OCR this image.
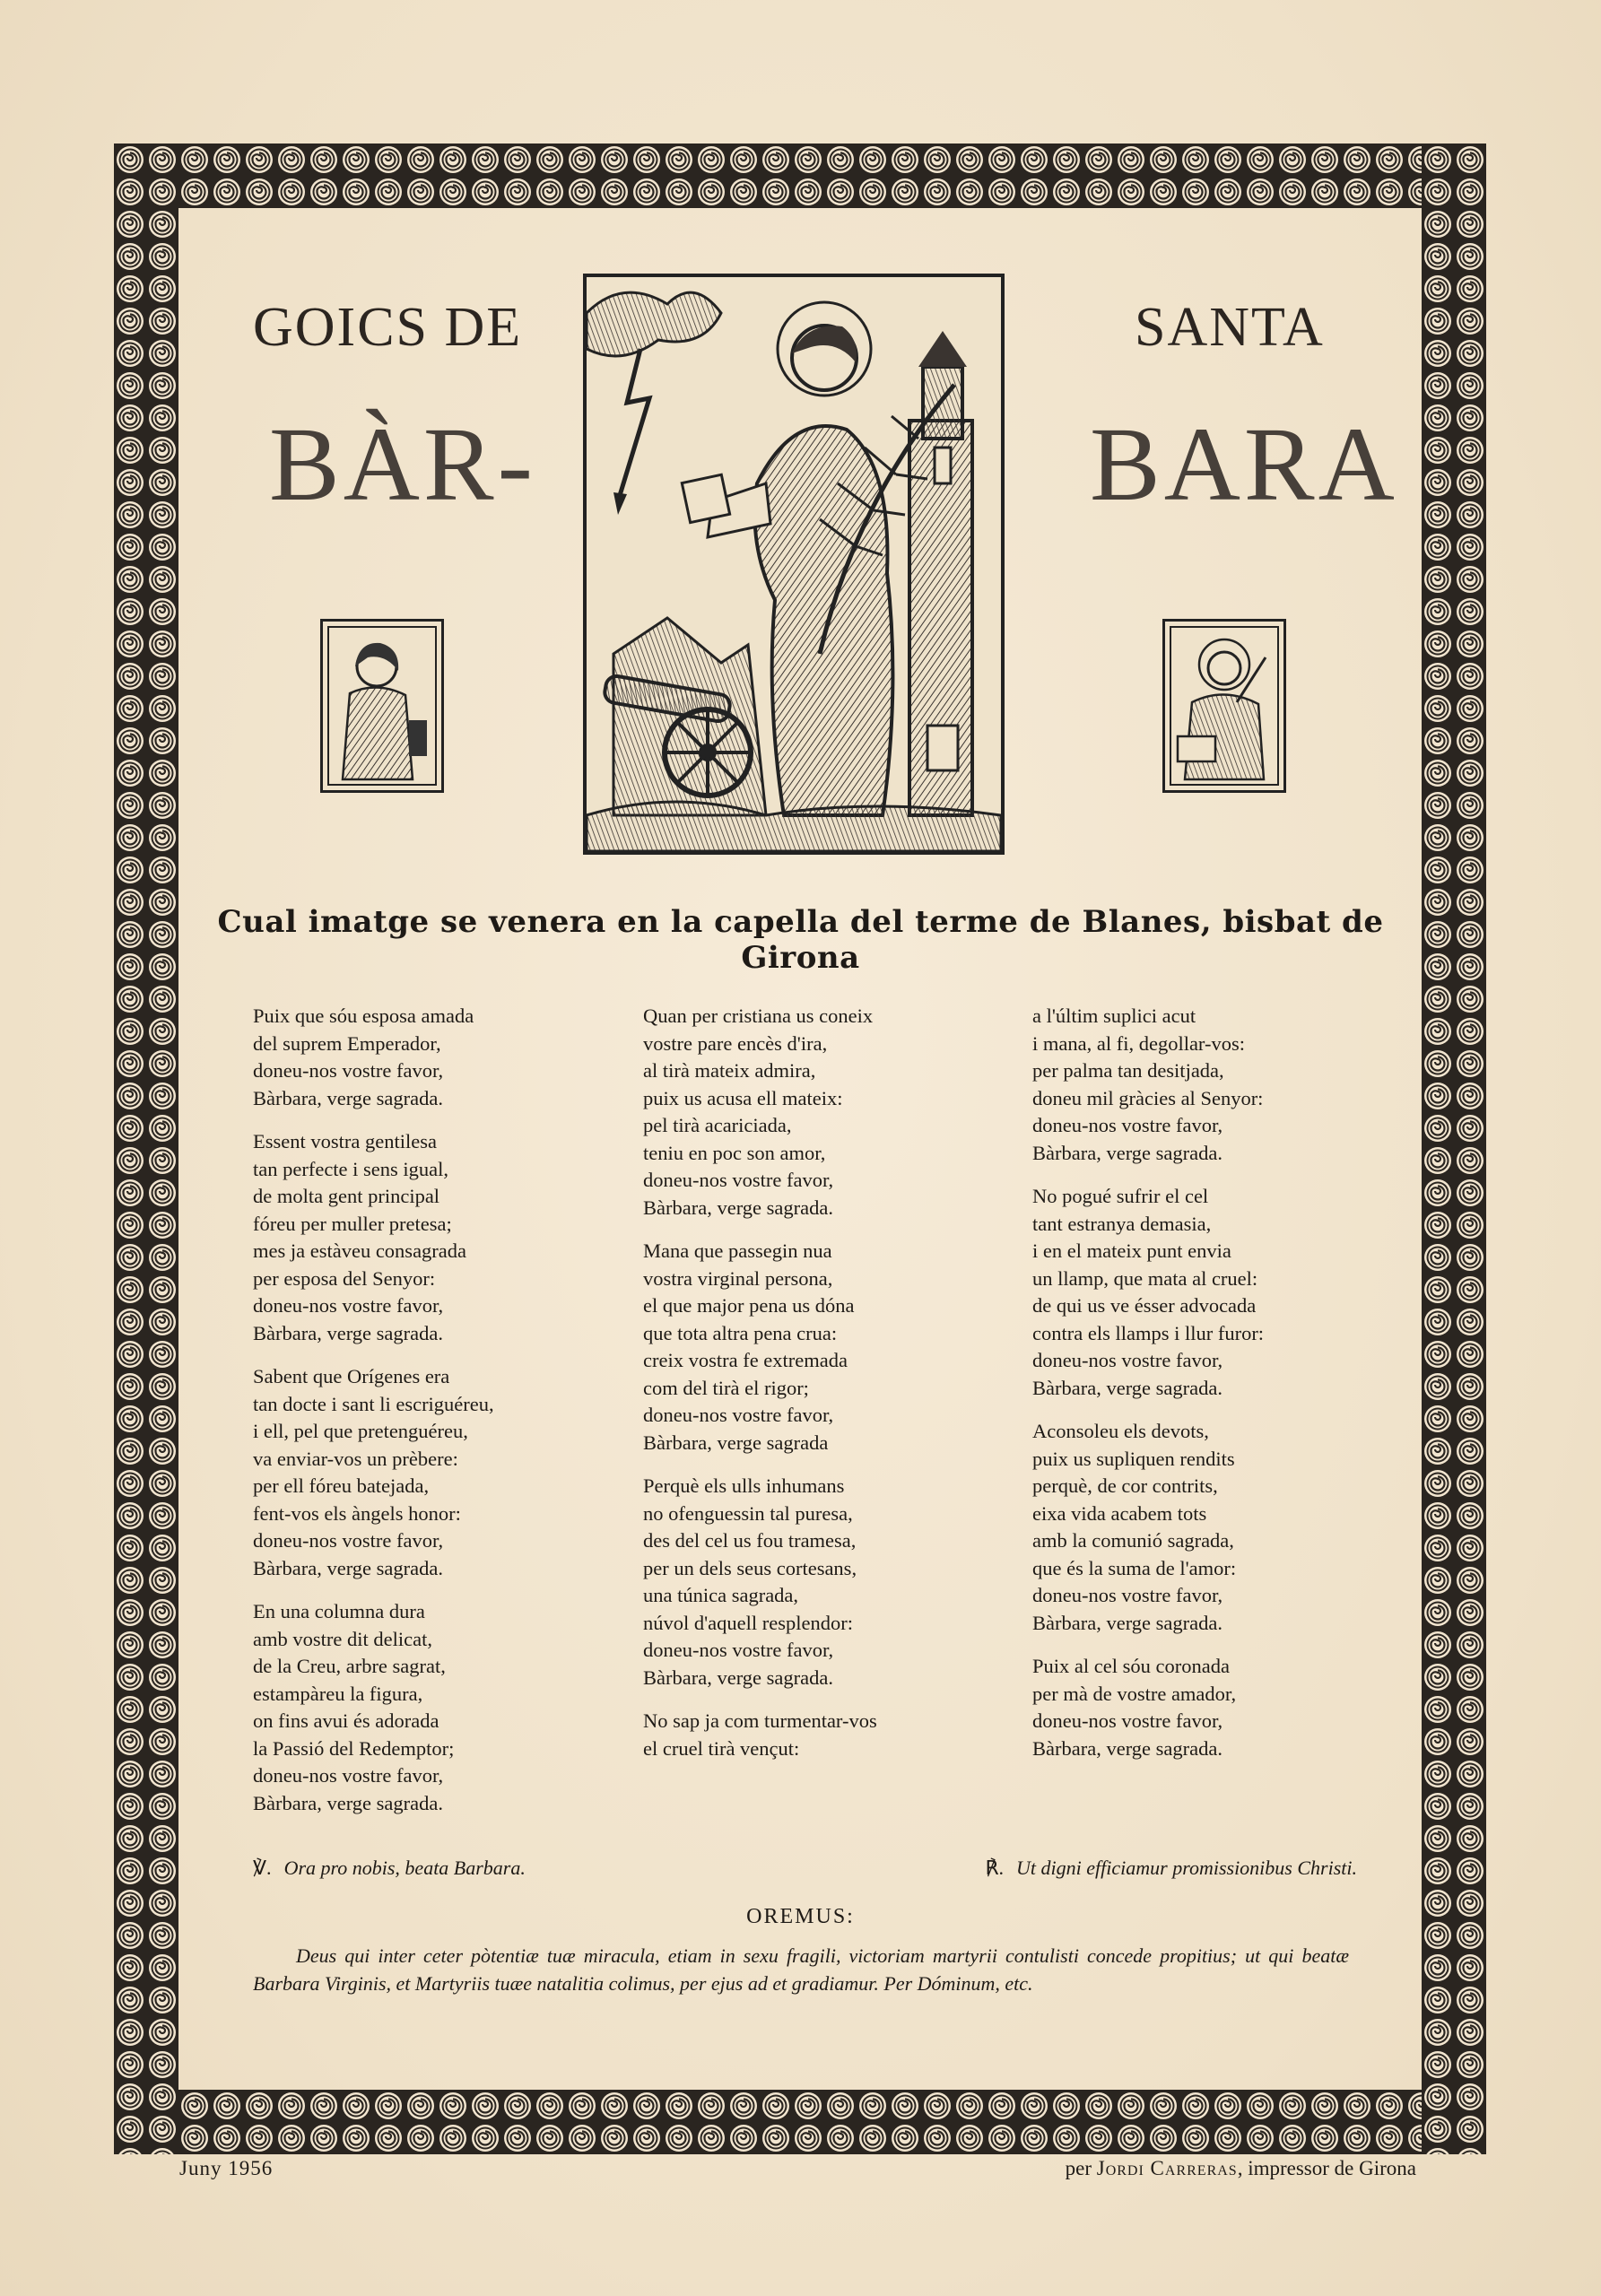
GOICS DE	SANTA
BÀR-	BARA
Cual imatge se venera en la capella del terme de Blanes, bisbat de Girona
Puix que sóu esposa amada
del suprem Emperador,
doneu-nos vostre favor,
Bàrbara, verge sagrada.
Essent vostra gentilesa
tan perfecte i sens igual,
de molta gent principal
fóreu per muller pretesa;
mes ja estàveu consagrada
per esposa del Senyor:
doneu-nos vostre favor,
Bàrbara, verge sagrada.
Sabent que Orígenes era
tan docte i sant li escriguéreu,
i ell, pel que pretenguéreu,
va enviar-vos un prèbere:
per ell fóreu batejada,
fent-vos els àngels honor:
doneu-nos vostre favor,
Bàrbara, verge sagrada.
En una columna dura
amb vostre dit delicat,
de la Creu, arbre sagrat,
estampàreu la figura,
on fins avui és adorada
la Passió del Redemptor;
doneu-nos vostre favor,
Bàrbara, verge sagrada.
Quan per cristiana us coneix
vostre pare encès d'ira,
al tirà mateix admira,
puix us acusa ell mateix:
pel tirà acariciada,
teniu en poc son amor,
doneu-nos vostre favor,
Bàrbara, verge sagrada.
Mana que passegin nua
vostra virginal persona,
el que major pena us dóna
que tota altra pena crua:
creix vostra fe extremada
com del tirà el rigor;
doneu-nos vostre favor,
Bàrbara, verge sagrada
Perquè els ulls inhumans
no ofenguessin tal puresa,
des del cel us fou tramesa,
per un dels seus cortesans,
una túnica sagrada,
núvol d'aquell resplendor:
doneu-nos vostre favor,
Bàrbara, verge sagrada.
No sap ja com turmentar-vos
el cruel tirà vençut:
a l'últim suplici acut
i mana, al fi, degollar-vos:
per palma tan desitjada,
doneu mil gràcies al Senyor:
doneu-nos vostre favor,
Bàrbara, verge sagrada.
No pogué sufrir el cel
tant estranya demasia,
i en el mateix punt envia
un llamp, que mata al cruel:
de qui us ve ésser advocada
contra els llamps i llur furor:
doneu-nos vostre favor,
Bàrbara, verge sagrada.
Aconsoleu els devots,
puix us supliquen rendits
perquè, de cor contrits,
eixa vida acabem tots
amb la comunió sagrada,
que és la suma de l'amor:
doneu-nos vostre favor,
Bàrbara, verge sagrada.
Puix al cel sóu coronada
per mà de vostre amador,
doneu-nos vostre favor,
Bàrbara, verge sagrada.
℣. Ora pro nobis, beata Barbara.	℟. Ut digni efficiamur promissionibus Christi.
OREMUS:
Deus qui inter ceter pòtentiæ tuæ miracula, etiam in sexu fragili, victoriam martyrii contulisti concede propitius; ut qui beatæ Barbara Virginis, et Martyriis tuæe natalitia colimus, per ejus ad et gradiamur. Per Dóminum, etc.
Juny 1956	per Jordi Carreras, impressor de Girona
